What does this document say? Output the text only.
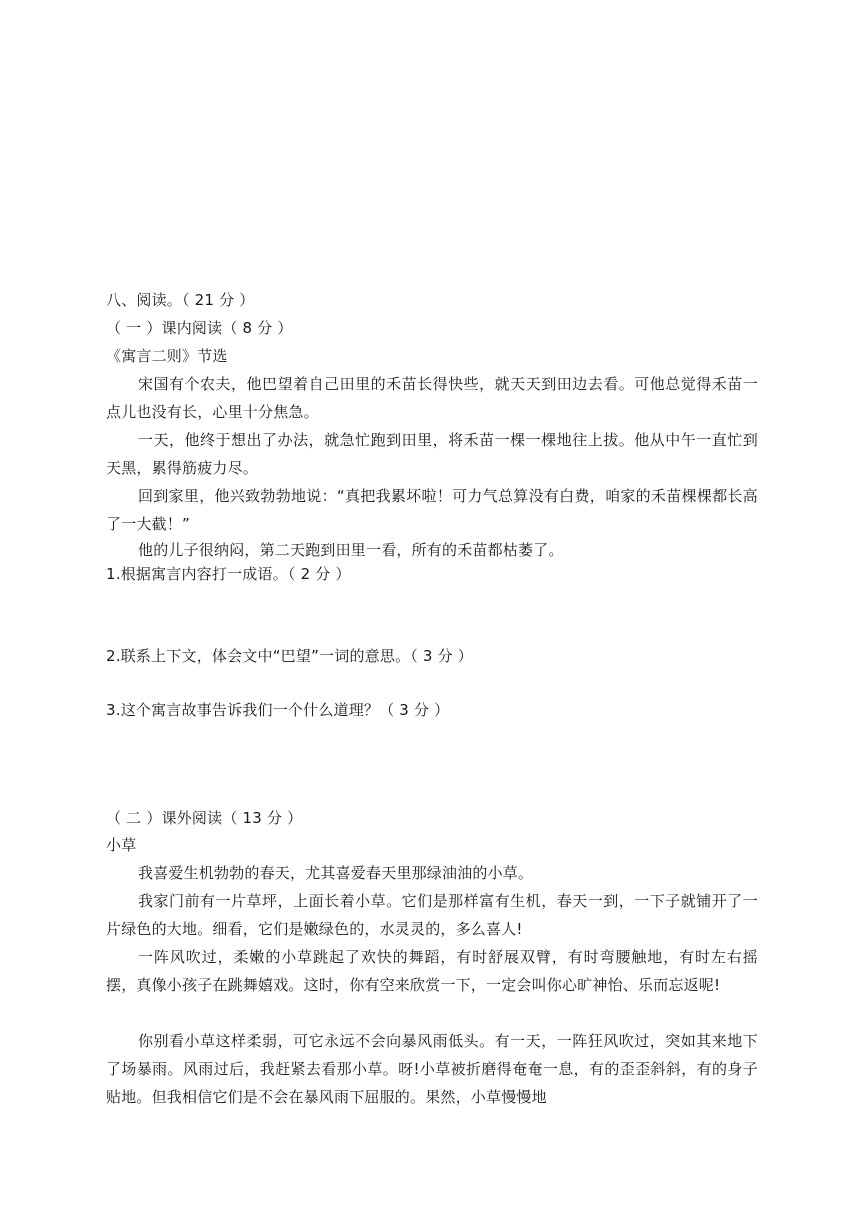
八、阅读。（ 21 分 ）
（ 一 ）课内阅读（ 8 分 ）
《寓言二则》节选
宋国有个农夫，他巴望着自己田里的禾苗长得快些，就天天到田边去看。可他总觉得禾苗一点儿也没有长，心里十分焦急。
一天，他终于想出了办法，就急忙跑到田里，将禾苗一棵一棵地往上拔。他从中午一直忙到天黑，累得筋疲力尽。
回到家里，他兴致勃勃地说：“真把我累坏啦！可力气总算没有白费，咱家的禾苗棵棵都长高了一大截！”
他的儿子很纳闷，第二天跑到田里一看，所有的禾苗都枯萎了。
1.根据寓言内容打一成语。（ 2 分 ）
2.联系上下文，体会文中“巴望”一词的意思。（ 3 分 ）
3.这个寓言故事告诉我们一个什么道理？（ 3 分 ）
（ 二 ）课外阅读（ 13 分 ）
小草
我喜爱生机勃勃的春天，尤其喜爱春天里那绿油油的小草。
我家门前有一片草坪，上面长着小草。它们是那样富有生机，春天一到，一下子就铺开了一片绿色的大地。细看，它们是嫩绿色的，水灵灵的，多么喜人!
一阵风吹过，柔嫩的小草跳起了欢快的舞蹈，有时舒展双臂，有时弯腰触地，有时左右摇摆，真像小孩子在跳舞嬉戏。这时，你有空来欣赏一下，一定会叫你心旷神怡、乐而忘返呢!
你别看小草这样柔弱，可它永远不会向暴风雨低头。有一天，一阵狂风吹过，突如其来地下了场暴雨。风雨过后，我赶紧去看那小草。呀!小草被折磨得奄奄一息，有的歪歪斜斜，有的身子贴地。但我相信它们是不会在暴风雨下屈服的。果然，小草慢慢地
